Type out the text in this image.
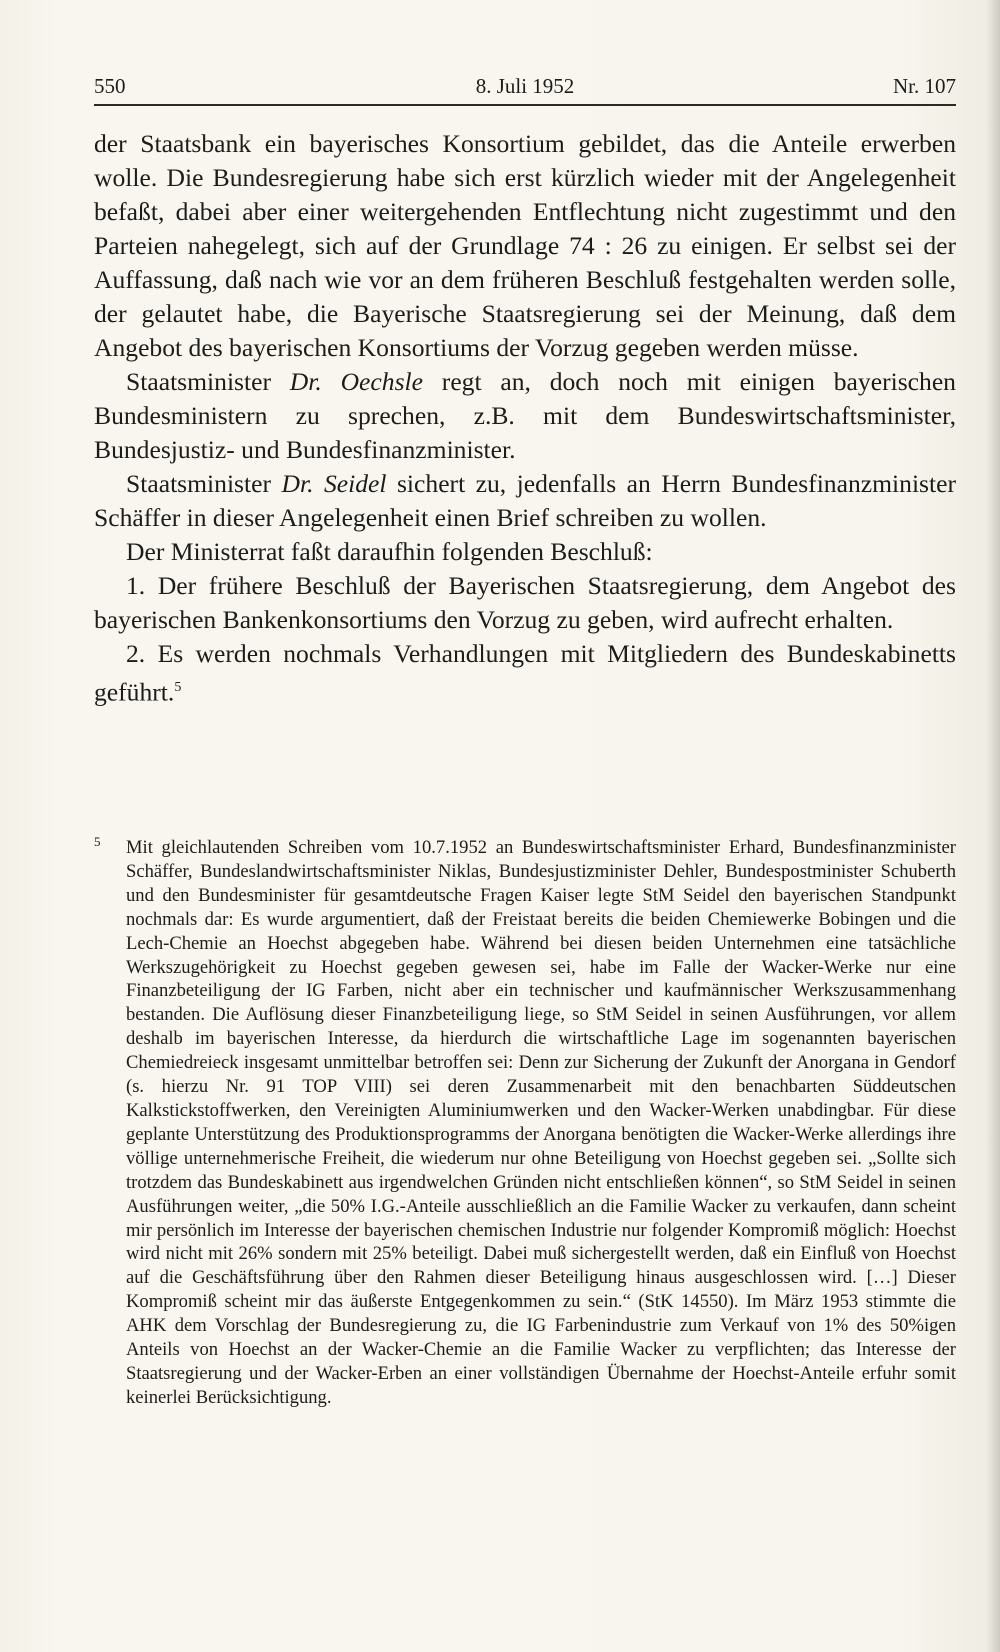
550	8. Juli 1952	Nr. 107

der Staatsbank ein bayerisches Konsortium gebildet, das die Anteile erwerben wolle. Die Bundesregierung habe sich erst kürzlich wieder mit der Angelegenheit befaßt, dabei aber einer weitergehenden Entflechtung nicht zugestimmt und den Parteien nahegelegt, sich auf der Grundlage 74 : 26 zu einigen. Er selbst sei der Auffassung, daß nach wie vor an dem früheren Beschluß festgehalten werden solle, der gelautet habe, die Bayerische Staatsregierung sei der Meinung, daß dem Angebot des bayerischen Konsortiums der Vorzug gegeben werden müsse.

Staatsminister Dr. Oechsle regt an, doch noch mit einigen bayerischen Bundesministern zu sprechen, z.B. mit dem Bundeswirtschaftsminister, Bundesjustiz- und Bundesfinanzminister.

Staatsminister Dr. Seidel sichert zu, jedenfalls an Herrn Bundesfinanzminister Schäffer in dieser Angelegenheit einen Brief schreiben zu wollen.

Der Ministerrat faßt daraufhin folgenden Beschluß:

1. Der frühere Beschluß der Bayerischen Staatsregierung, dem Angebot des bayerischen Bankenkonsortiums den Vorzug zu geben, wird aufrecht erhalten.

2. Es werden nochmals Verhandlungen mit Mitgliedern des Bundeskabinetts geführt.$^5$

5 Mit gleichlautenden Schreiben vom 10.7.1952 an Bundeswirtschaftsminister Erhard, Bundesfinanzminister Schäffer, Bundeslandwirtschaftsminister Niklas, Bundesjustizminister Dehler, Bundespostminister Schuberth und den Bundesminister für gesamtdeutsche Fragen Kaiser legte StM Seidel den bayerischen Standpunkt nochmals dar: Es wurde argumentiert, daß der Freistaat bereits die beiden Chemiewerke Bobingen und die Lech-Chemie an Hoechst abgegeben habe. Während bei diesen beiden Unternehmen eine tatsächliche Werkszugehörigkeit zu Hoechst gegeben gewesen sei, habe im Falle der Wacker-Werke nur eine Finanzbeteiligung der IG Farben, nicht aber ein technischer und kaufmännischer Werkszusammenhang bestanden. Die Auflösung dieser Finanzbeteiligung liege, so StM Seidel in seinen Ausführungen, vor allem deshalb im bayerischen Interesse, da hierdurch die wirtschaftliche Lage im sogenannten bayerischen Chemiedreieck insgesamt unmittelbar betroffen sei: Denn zur Sicherung der Zukunft der Anorgana in Gendorf (s. hierzu Nr. 91 TOP VIII) sei deren Zusammenarbeit mit den benachbarten Süddeutschen Kalkstickstoffwerken, den Vereinigten Aluminiumwerken und den Wacker-Werken unabdingbar. Für diese geplante Unterstützung des Produktionsprogramms der Anorgana benötigten die Wacker-Werke allerdings ihre völlige unternehmerische Freiheit, die wiederum nur ohne Beteiligung von Hoechst gegeben sei. „Sollte sich trotzdem das Bundeskabinett aus irgendwelchen Gründen nicht entschließen können“, so StM Seidel in seinen Ausführungen weiter, „die 50% I.G.-Anteile ausschließlich an die Familie Wacker zu verkaufen, dann scheint mir persönlich im Interesse der bayerischen chemischen Industrie nur folgender Kompromiß möglich: Hoechst wird nicht mit 26% sondern mit 25% beteiligt. Dabei muß sichergestellt werden, daß ein Einfluß von Hoechst auf die Geschäftsführung über den Rahmen dieser Beteiligung hinaus ausgeschlossen wird. […] Dieser Kompromiß scheint mir das äußerste Entgegenkommen zu sein.“ (StK 14550). Im März 1953 stimmte die AHK dem Vorschlag der Bundesregierung zu, die IG Farbenindustrie zum Verkauf von 1% des 50%igen Anteils von Hoechst an der Wacker-Chemie an die Familie Wacker zu verpflichten; das Interesse der Staatsregierung und der Wacker-Erben an einer vollständigen Übernahme der Hoechst-Anteile erfuhr somit keinerlei Berücksichtigung.
